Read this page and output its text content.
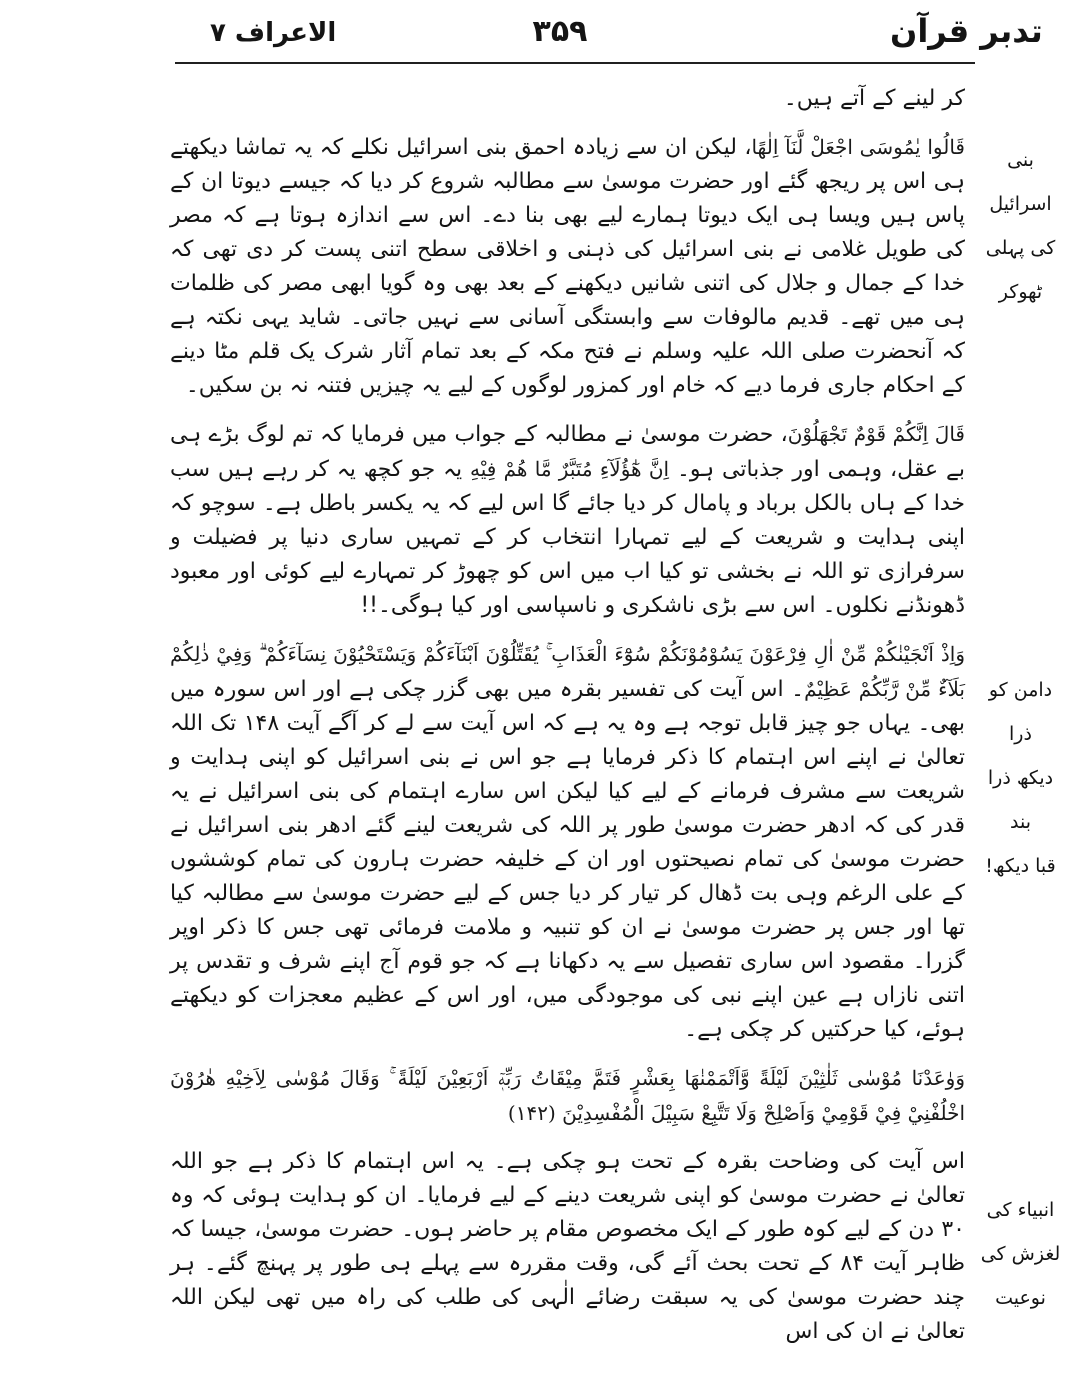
الاعراف ۷	۳۵۹	تدبر قرآن

کر لینے کے آتے ہیں۔

قَالُوا يٰمُوسَى اجْعَلْ لَّنَآ اِلٰهًا، لیکن ان سے زیادہ احمق بنی اسرائیل نکلے کہ یہ تماشا دیکھتے ہی اس پر ریجھ گئے اور حضرت موسیٰ سے مطالبہ شروع کر دیا کہ جیسے دیوتا ان کے پاس ہیں ویسا ہی ایک دیوتا ہمارے لیے بھی بنا دے۔ اس سے اندازہ ہوتا ہے کہ مصر کی طویل غلامی نے بنی اسرائیل کی ذہنی و اخلاقی سطح اتنی پست کر دی تھی کہ خدا کے جمال و جلال کی اتنی شانیں دیکھنے کے بعد بھی وہ گویا ابھی مصر کی ظلمات ہی میں تھے۔ قدیم مالوفات سے وابستگی آسانی سے نہیں جاتی۔ شاید یہی نکتہ ہے کہ آنحضرت صلی اللہ علیہ وسلم نے فتح مکہ کے بعد تمام آثار شرک یک قلم مٹا دینے کے احکام جاری فرما دیے کہ خام اور کمزور لوگوں کے لیے یہ چیزیں فتنہ نہ بن سکیں۔

قَالَ اِنَّكُمْ قَوْمٌ تَجْهَلُوْنَ، حضرت موسیٰ نے مطالبہ کے جواب میں فرمایا کہ تم لوگ بڑے ہی بے عقل، وہمی اور جذباتی ہو۔ اِنَّ هٰٓؤُلَآءِ مُتَبَّرٌ مَّا هُمْ فِيْهِ یہ جو کچھ یہ کر رہے ہیں سب خدا کے ہاں بالکل برباد و پامال کر دیا جائے گا اس لیے کہ یہ یکسر باطل ہے۔ سوچو کہ اپنی ہدایت و شریعت کے لیے تمہارا انتخاب کر کے تمہیں ساری دنیا پر فضیلت و سرفرازی تو اللہ نے بخشی تو کیا اب میں اس کو چھوڑ کر تمہارے لیے کوئی اور معبود ڈھونڈنے نکلوں۔ اس سے بڑی ناشکری و ناسپاسی اور کیا ہوگی۔!!

وَاِذْ اَنْجَيْنٰكُمْ مِّنْ اٰلِ فِرْعَوْنَ يَسُوْمُوْنَكُمْ سُوْٓءَ الْعَذَابِ ۚ يُقَتِّلُوْنَ اَبْنَآءَكُمْ وَيَسْتَحْيُوْنَ نِسَآءَكُمْ ۗ وَفِيْ ذٰلِكُمْ بَلَآءٌ مِّنْ رَّبِّكُمْ عَظِيْمٌ۔ اس آیت کی تفسیر بقرہ میں بھی گزر چکی ہے اور اس سورہ میں بھی۔ یہاں جو چیز قابل توجہ ہے وہ یہ ہے کہ اس آیت سے لے کر آگے آیت ۱۴۸ تک اللہ تعالیٰ نے اپنے اس اہتمام کا ذکر فرمایا ہے جو اس نے بنی اسرائیل کو اپنی ہدایت و شریعت سے مشرف فرمانے کے لیے کیا لیکن اس سارے اہتمام کی بنی اسرائیل نے یہ قدر کی کہ ادھر حضرت موسیٰ طور پر اللہ کی شریعت لینے گئے ادھر بنی اسرائیل نے حضرت موسیٰ کی تمام نصیحتوں اور ان کے خلیفہ حضرت ہارون کی تمام کوششوں کے علی الرغم وہی بت ڈھال کر تیار کر دیا جس کے لیے حضرت موسیٰ سے مطالبہ کیا تھا اور جس پر حضرت موسیٰ نے ان کو تنبیہ و ملامت فرمائی تھی جس کا ذکر اوپر گزرا۔ مقصود اس ساری تفصیل سے یہ دکھانا ہے کہ جو قوم آج اپنے شرف و تقدس پر اتنی نازاں ہے عین اپنے نبی کی موجودگی میں، اور اس کے عظیم معجزات کو دیکھتے ہوئے، کیا حرکتیں کر چکی ہے۔

وَوٰعَدْنَا مُوْسٰى ثَلٰثِيْنَ لَيْلَةً وَّاَتْمَمْنٰهَا بِعَشْرٍ فَتَمَّ مِيْقَاتُ رَبِّهٖٓ اَرْبَعِيْنَ لَيْلَةً ۚ وَقَالَ مُوْسٰى لِاَخِيْهِ هٰرُوْنَ اخْلُفْنِيْ فِيْ قَوْمِيْ وَاَصْلِحْ وَلَا تَتَّبِعْ سَبِيْلَ الْمُفْسِدِيْنَ (۱۴۲)

اس آیت کی وضاحت بقرہ کے تحت ہو چکی ہے۔ یہ اس اہتمام کا ذکر ہے جو اللہ تعالیٰ نے حضرت موسیٰ کو اپنی شریعت دینے کے لیے فرمایا۔ ان کو ہدایت ہوئی کہ وہ ۳۰ دن کے لیے کوہ طور کے ایک مخصوص مقام پر حاضر ہوں۔ حضرت موسیٰ، جیسا کہ ظاہر آیت ۸۴ کے تحت بحث آئے گی، وقت مقررہ سے پہلے ہی طور پر پہنچ گئے۔ ہر چند حضرت موسیٰ کی یہ سبقت رضائے الٰہی کی طلب کی راہ میں تھی لیکن اللہ تعالیٰ نے ان کی اس

بنی اسرائیل
کی پہلی
ٹھوکر
دامن کو ذرا
دیکھ ذرا بند
قبا دیکھ!
انبیاء کی
لغزش کی
نوعیت
